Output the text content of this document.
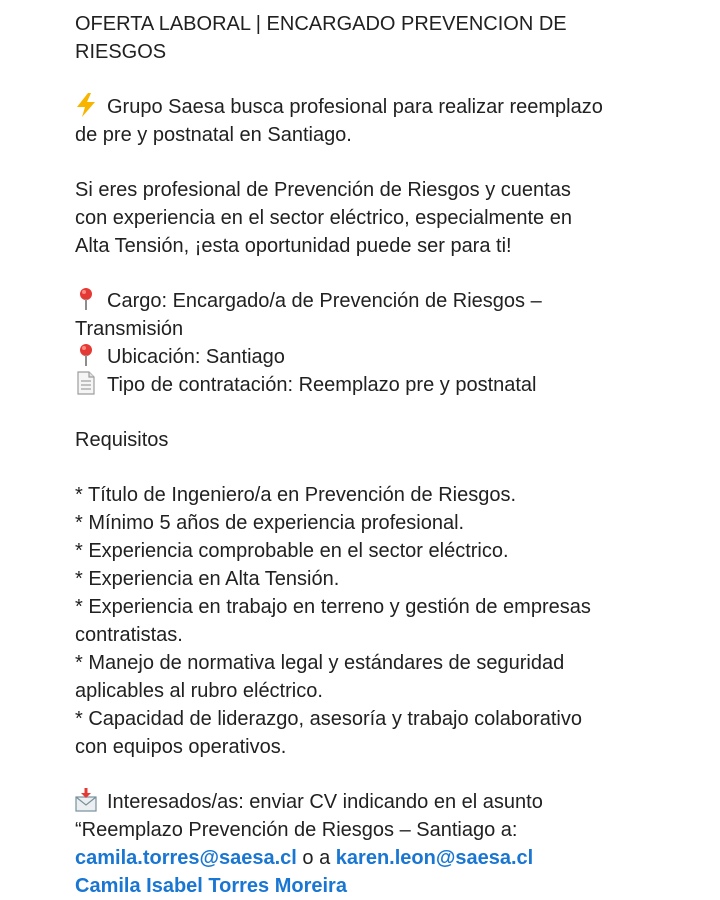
OFERTA LABORAL | ENCARGADO PREVENCION DE
RIESGOS
Grupo Saesa busca profesional para realizar reemplazo
de pre y postnatal en Santiago.
Si eres profesional de Prevención de Riesgos y cuentas
con experiencia en el sector eléctrico, especialmente en
Alta Tensión, ¡esta oportunidad puede ser para ti!
Cargo: Encargado/a de Prevención de Riesgos –
Transmisión
Ubicación: Santiago
Tipo de contratación: Reemplazo pre y postnatal
Requisitos
* Título de Ingeniero/a en Prevención de Riesgos.
* Mínimo 5 años de experiencia profesional.
* Experiencia comprobable en el sector eléctrico.
* Experiencia en Alta Tensión.
* Experiencia en trabajo en terreno y gestión de empresas
contratistas.
* Manejo de normativa legal y estándares de seguridad
aplicables al rubro eléctrico.
* Capacidad de liderazgo, asesoría y trabajo colaborativo
con equipos operativos.
Interesados/as: enviar CV indicando en el asunto
“Reemplazo Prevención de Riesgos – Santiago a:
camila.torres@saesa.cl o a karen.leon@saesa.cl
Camila Isabel Torres Moreira
